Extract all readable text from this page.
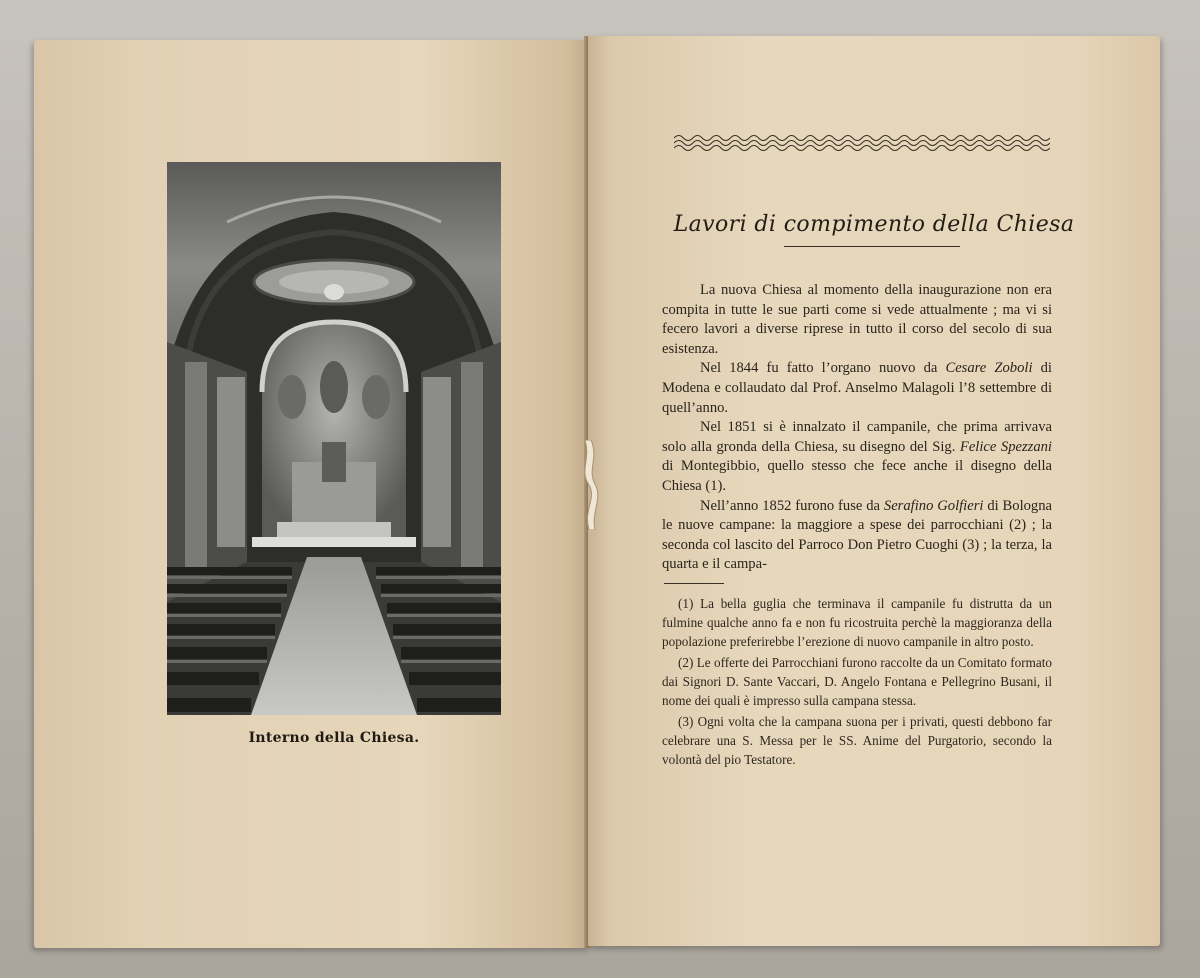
Interno della Chiesa.
Lavori di compimento della Chiesa

La nuova Chiesa al momento della inaugurazione non era compita in tutte le sue parti come si vede attualmente ; ma vi si fecero lavori a diverse riprese in tutto il corso del secolo di sua esistenza.

Nel 1844 fu fatto l’organo nuovo da Cesare Zoboli di Modena e collaudato dal Prof. Anselmo Malagoli l’8 settembre di quell’anno.

Nel 1851 si è innalzato il campanile, che prima arrivava solo alla gronda della Chiesa, su disegno del Sig. Felice Spezzani di Montegibbio, quello stesso che fece anche il disegno della Chiesa (1).

Nell’anno 1852 furono fuse da Serafino Golfieri di Bologna le nuove campane: la maggiore a spese dei parrocchiani (2) ; la seconda col lascito del Parroco Don Pietro Cuoghi (3) ; la terza, la quarta e il campa-

(1) La bella guglia che terminava il campanile fu distrutta da un fulmine qualche anno fa e non fu ricostruita perchè la maggioranza della popolazione preferirebbe l’erezione di nuovo campanile in altro posto.

(2) Le offerte dei Parrocchiani furono raccolte da un Comitato formato dai Signori D. Sante Vaccari, D. Angelo Fontana e Pellegrino Busani, il nome dei quali è impresso sulla campana stessa.

(3) Ogni volta che la campana suona per i privati, questi debbono far celebrare una S. Messa per le SS. Anime del Purgatorio, secondo la volontà del pio Testatore.
